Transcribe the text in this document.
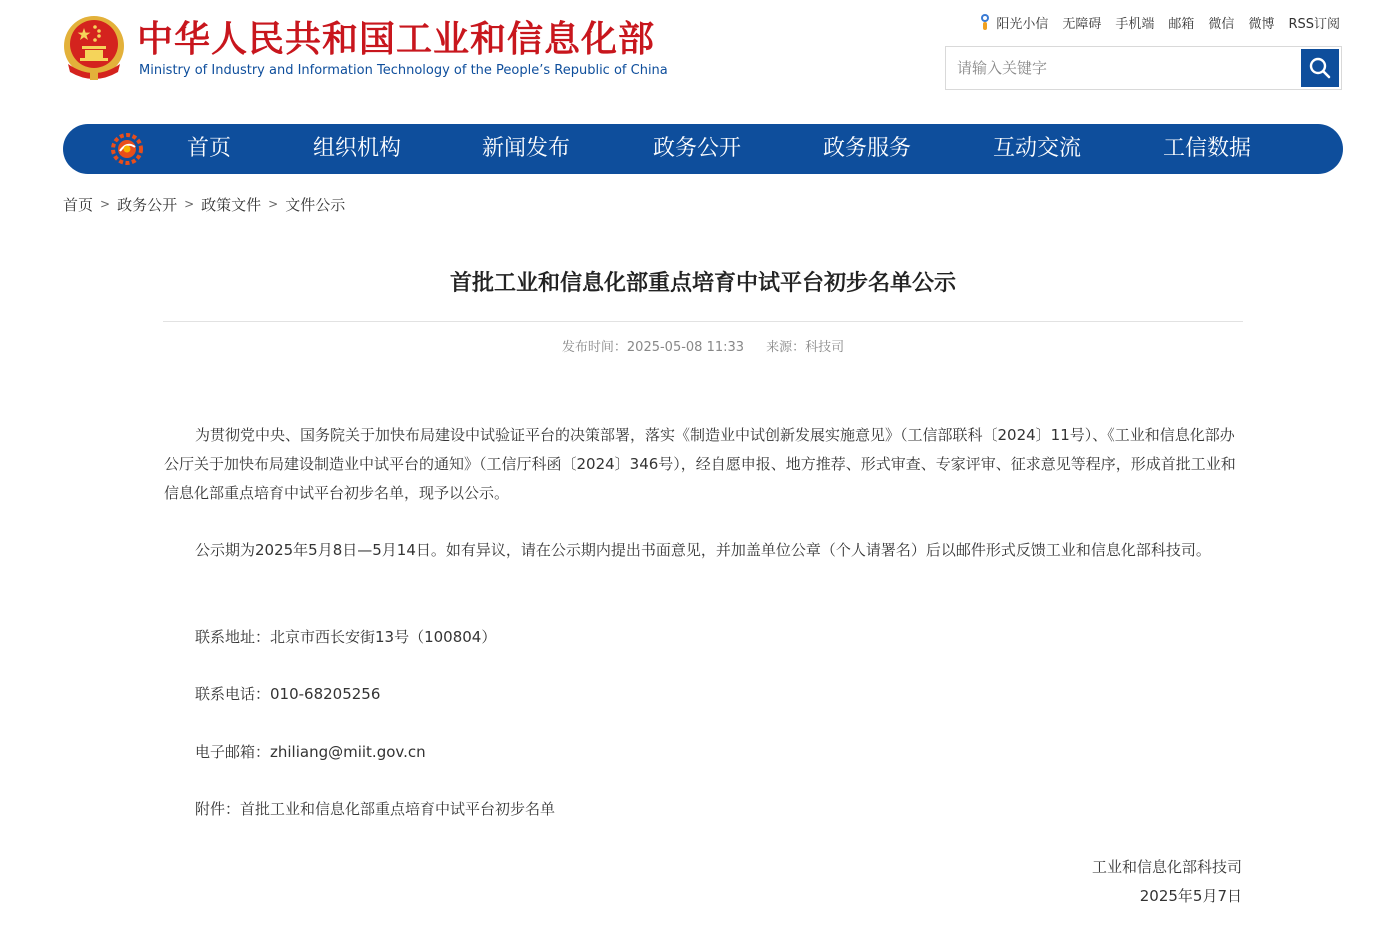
中华人民共和国工业和信息化部
Ministry of Industry and Information Technology of the People’s Republic of China
阳光小信 无障碍 手机端 邮箱 微信 微博 RSS订阅
请输入关键字
首页	组织机构	新闻发布	政务公开	政务服务	互动交流	工信数据
首页 > 政务公开 > 政策文件 > 文件公示
首批工业和信息化部重点培育中试平台初步名单公示
发布时间：2025-05-08 11:33 来源：科技司
为贯彻党中央、国务院关于加快布局建设中试验证平台的决策部署，落实《制造业中试创新发展实施意见》（工信部联科〔2024〕11号）、《工业和信息化部办公厅关于加快布局建设制造业中试平台的通知》（工信厅科函〔2024〕346号），经自愿申报、地方推荐、形式审查、专家评审、征求意见等程序，形成首批工业和信息化部重点培育中试平台初步名单，现予以公示。
公示期为2025年5月8日—5月14日。如有异议，请在公示期内提出书面意见，并加盖单位公章（个人请署名）后以邮件形式反馈工业和信息化部科技司。
联系地址：北京市西长安街13号（100804）
联系电话：010-68205256
电子邮箱：zhiliang@miit.gov.cn
附件：首批工业和信息化部重点培育中试平台初步名单
工业和信息化部科技司
2025年5月7日
